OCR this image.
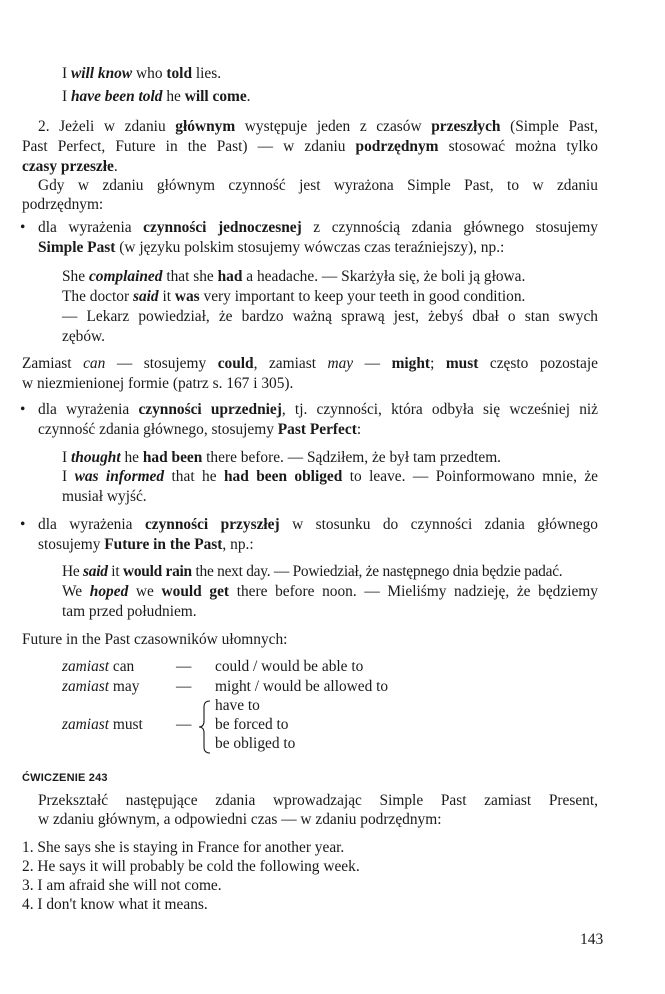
I will know who told lies.
I have been told he will come.
2. Jeżeli w zdaniu głównym występuje jeden z czasów przeszłych (Simple Past,
Past Perfect, Future in the Past) — w zdaniu podrzędnym stosować można tylko
czasy przeszłe.
Gdy w zdaniu głównym czynność jest wyrażona Simple Past, to w zdaniu
podrzędnym:
• dla wyrażenia czynności jednoczesnej z czynnością zdania głównego stosujemy
Simple Past (w języku polskim stosujemy wówczas czas teraźniejszy), np.:
She complained that she had a headache. — Skarżyła się, że boli ją głowa.
The doctor said it was very important to keep your teeth in good condition.
— Lekarz powiedział, że bardzo ważną sprawą jest, żebyś dbał o stan swych
zębów.
Zamiast can — stosujemy could, zamiast may — might; must często pozostaje
w niezmienionej formie (patrz s. 167 i 305).
• dla wyrażenia czynności uprzedniej, tj. czynności, która odbyła się wcześniej niż
czynność zdania głównego, stosujemy Past Perfect:
I thought he had been there before. — Sądziłem, że był tam przedtem.
I was informed that he had been obliged to leave. — Poinformowano mnie, że
musiał wyjść.
• dla wyrażenia czynności przyszłej w stosunku do czynności zdania głównego
stosujemy Future in the Past, np.:
He said it would rain the next day. — Powiedział, że następnego dnia będzie padać.
We hoped we would get there before noon. — Mieliśmy nadzieję, że będziemy
tam przed południem.
Future in the Past czasowników ułomnych:
zamiast can	— could / would be able to
zamiast may — might / would be allowed to
zamiast must —
have to
be forced to
be obliged to
ĆWICZENIE 243
Przekształć następujące zdania wprowadzając Simple Past zamiast Present,
w zdaniu głównym, a odpowiedni czas — w zdaniu podrzędnym:
1. She says she is staying in France for another year.
2. He says it will probably be cold the following week.
3. I am afraid she will not come.
4. I don't know what it means.
143
